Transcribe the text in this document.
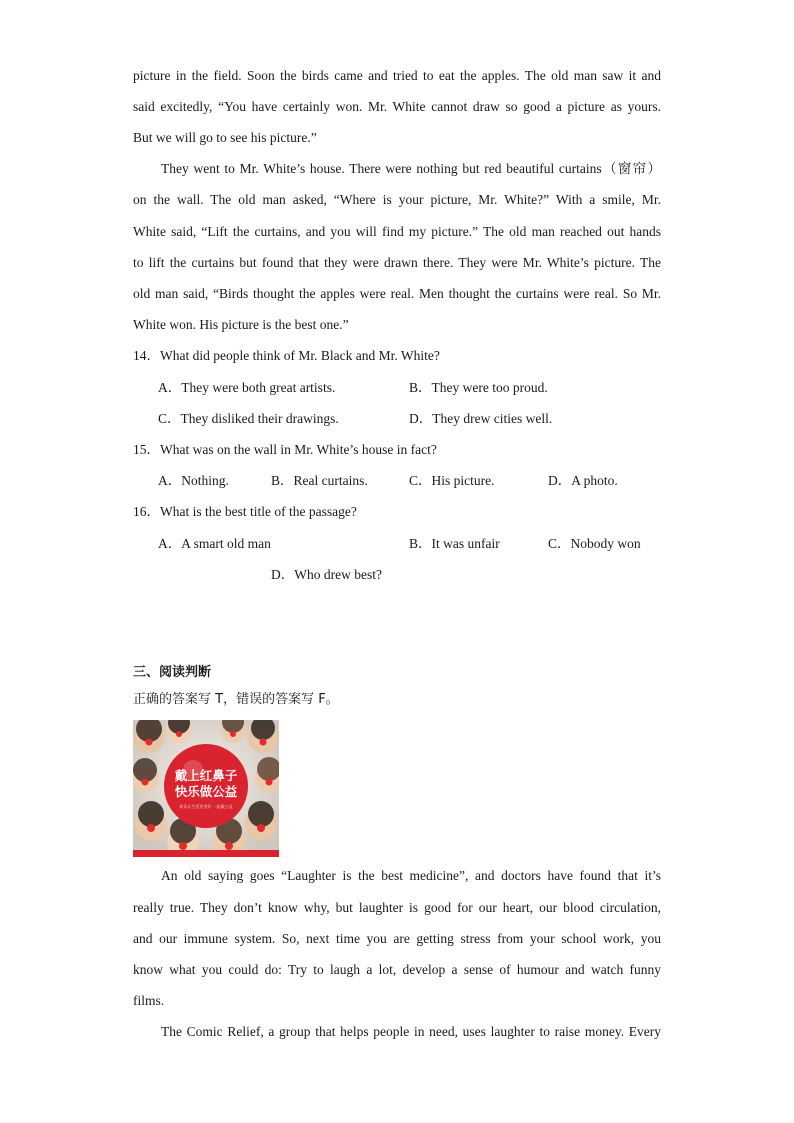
picture in the field. Soon the birds came and tried to eat the apples. The old man saw it and
said excitedly, “You have certainly won. Mr. White cannot draw so good a picture as yours.
But we will go to see his picture.”
They went to Mr. White’s house. There were nothing but red beautiful curtains（窗帘）
on the wall. The old man asked, “Where is your picture, Mr. White?” With a smile, Mr.
White said, “Lift the curtains, and you will find my picture.” The old man reached out hands
to lift the curtains but found that they were drawn there. They were Mr. White’s picture. The
old man said, “Birds thought the apples were real. Men thought the curtains were real. So Mr.
White won. His picture is the best one.”
14．What did people think of Mr. Black and Mr. White?
A．They were both great artists.	B．They were too proud.
C．They disliked their drawings.	D．They drew cities well.
15．What was on the wall in Mr. White’s house in fact?
A．Nothing.	B．Real curtains.	C．His picture.	D．A photo.
16．What is the best title of the passage?
A．A smart old man	B．It was unfair	C．Nobody won
D．Who drew best?
三、阅读判断
正确的答案写 T，错误的答案写 F。
戴上红鼻子
快乐做公益
欢乐让生活更美好 一起做公益
An old saying goes “Laughter is the best medicine”, and doctors have found that it’s
really true. They don’t know why, but laughter is good for our heart, our blood circulation,
and our immune system. So, next time you are getting stress from your school work, you
know what you could do: Try to laugh a lot, develop a sense of humour and watch funny
films.
The Comic Relief, a group that helps people in need, uses laughter to raise money. Every
